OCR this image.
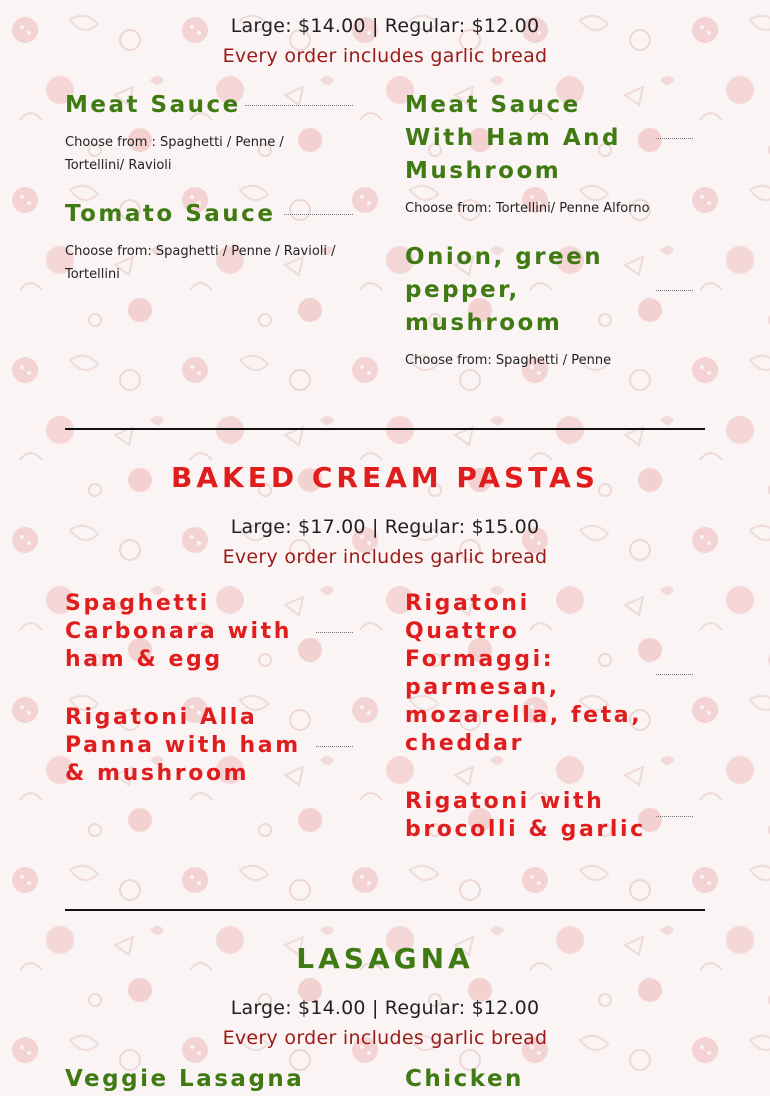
Large: $14.00 | Regular: $12.00
Every order includes garlic bread
Meat Sauce
Choose from : Spaghetti / Penne / Tortellini/ Ravioli
Tomato Sauce
Choose from: Spaghetti / Penne / Ravioli / Tortellini
Meat Sauce With Ham And Mushroom
Choose from: Tortellini/ Penne Alforno
Onion, green pepper, mushroom
Choose from: Spaghetti / Penne
BAKED CREAM PASTAS
Large: $17.00 | Regular: $15.00
Every order includes garlic bread
Spaghetti Carbonara with ham & egg
Rigatoni Alla Panna with ham & mushroom
Rigatoni Quattro Formaggi: parmesan, mozarella, feta, cheddar
Rigatoni with brocolli & garlic
LASAGNA
Large: $14.00 | Regular: $12.00
Every order includes garlic bread
Veggie Lasagna	Chicken
